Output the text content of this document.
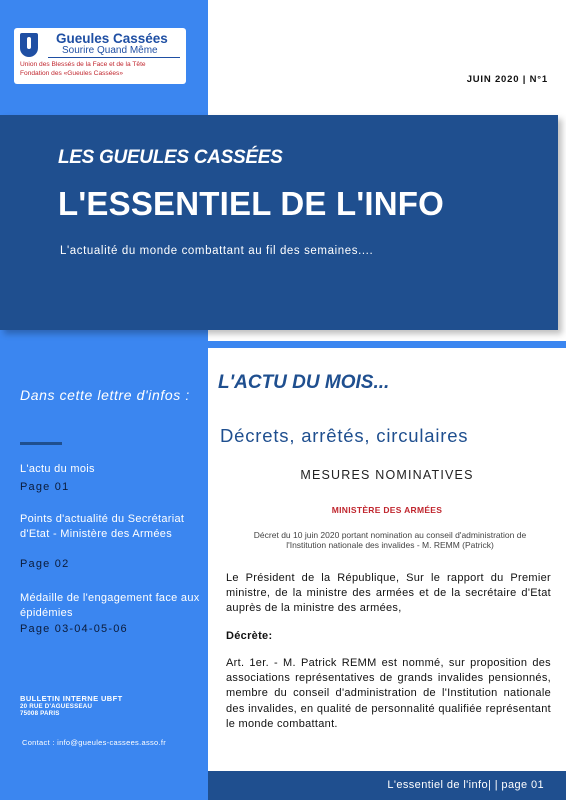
Gueules Cassées
Sourire Quand Même
Union des Blessés de la Face et de la Tête
Fondation des «Gueules Cassées»
JUIN 2020 | N°1
LES GUEULES CASSÉES
L'ESSENTIEL DE L'INFO
L'actualité du monde combattant au fil des semaines....
Dans cette lettre d'infos :
L'actu du mois
Page 01
Points d'actualité du Secrétariat d'Etat - Ministère des Armées
Page 02
Médaille de l'engagement face aux épidémies
Page 03-04-05-06
BULLETIN INTERNE UBFT
20 RUE D'AGUESSEAU
75008 PARIS
Contact : info@gueules-cassees.asso.fr
L'ACTU DU MOIS...
Décrets, arrêtés, circulaires
MESURES NOMINATIVES
MINISTÈRE DES ARMÉES
Décret du 10 juin 2020 portant nomination au conseil d'administration de l'Institution nationale des invalides - M. REMM (Patrick)
Le Président de la République, Sur le rapport du Premier ministre, de la ministre des armées et de la secrétaire d'Etat auprès de la ministre des armées,
Décrète:
Art. 1er. - M. Patrick REMM est nommé, sur proposition des associations représentatives de grands invalides pensionnés, membre du conseil d'administration de l'Institution nationale des invalides, en qualité de personnalité qualifiée représentant le monde combattant.
L'essentiel de l'info| | page 01
